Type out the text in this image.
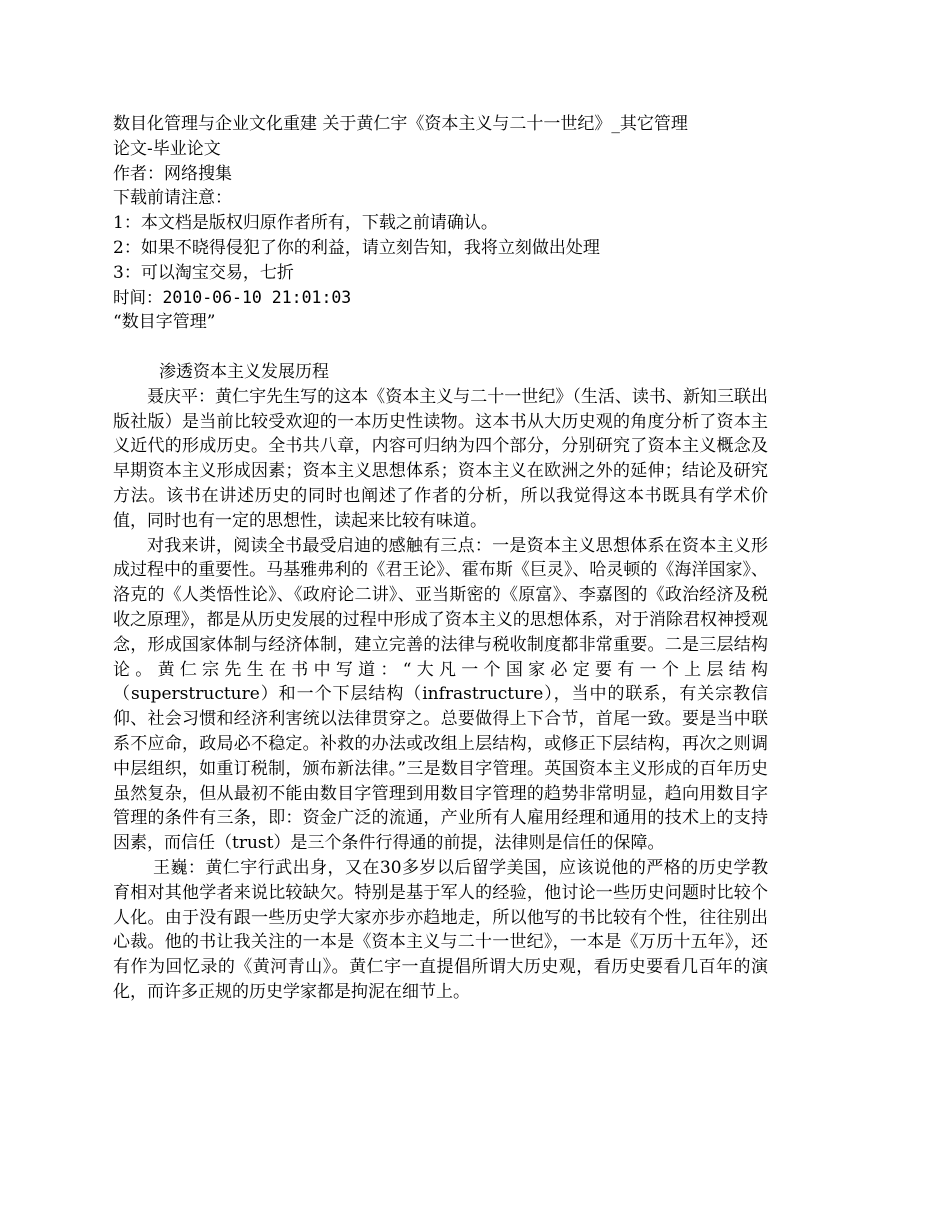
数目化管理与企业文化重建 关于黄仁宇《资本主义与二十一世纪》_其它管理
论文-毕业论文
作者：网络搜集
下载前请注意：
1：本文档是版权归原作者所有，下载之前请确认。
2：如果不晓得侵犯了你的利益，请立刻告知，我将立刻做出处理
3：可以淘宝交易，七折
时间：2010-06-10 21:01:03
“数目字管理”
渗透资本主义发展历程
聂庆平：黄仁宇先生写的这本《资本主义与二十一世纪》（生活、读书、新知三联出版社版）是当前比较受欢迎的一本历史性读物。这本书从大历史观的角度分析了资本主义近代的形成历史。全书共八章，内容可归纳为四个部分，分别研究了资本主义概念及早期资本主义形成因素；资本主义思想体系；资本主义在欧洲之外的延伸；结论及研究方法。该书在讲述历史的同时也阐述了作者的分析，所以我觉得这本书既具有学术价值，同时也有一定的思想性，读起来比较有味道。
对我来讲，阅读全书最受启迪的感触有三点：一是资本主义思想体系在资本主义形成过程中的重要性。马基雅弗利的《君王论》、霍布斯《巨灵》、哈灵顿的《海洋国家》、洛克的《人类悟性论》、《政府论二讲》、亚当斯密的《原富》、李嘉图的《政治经济及税收之原理》，都是从历史发展的过程中形成了资本主义的思想体系，对于消除君权神授观念，形成国家体制与经济体制，建立完善的法律与税收制度都非常重要。二是三层结构论。黄仁宗先生在书中写道：“大凡一个国家必定要有一个上层结构（superstructure）和一个下层结构（infrastructure），当中的联系，有关宗教信仰、社会习惯和经济利害统以法律贯穿之。总要做得上下合节，首尾一致。要是当中联系不应命，政局必不稳定。补救的办法或改组上层结构，或修正下层结构，再次之则调中层组织，如重订税制，颁布新法律。”三是数目字管理。英国资本主义形成的百年历史虽然复杂，但从最初不能由数目字管理到用数目字管理的趋势非常明显，趋向用数目字管理的条件有三条，即：资金广泛的流通，产业所有人雇用经理和通用的技术上的支持因素，而信任（trust）是三个条件行得通的前提，法律则是信任的保障。
王巍：黄仁宇行武出身，又在30多岁以后留学美国，应该说他的严格的历史学教育相对其他学者来说比较缺欠。特别是基于军人的经验，他讨论一些历史问题时比较个人化。由于没有跟一些历史学大家亦步亦趋地走，所以他写的书比较有个性，往往别出心裁。他的书让我关注的一本是《资本主义与二十一世纪》，一本是《万历十五年》，还有作为回忆录的《黄河青山》。黄仁宇一直提倡所谓大历史观，看历史要看几百年的演化，而许多正规的历史学家都是拘泥在细节上。
